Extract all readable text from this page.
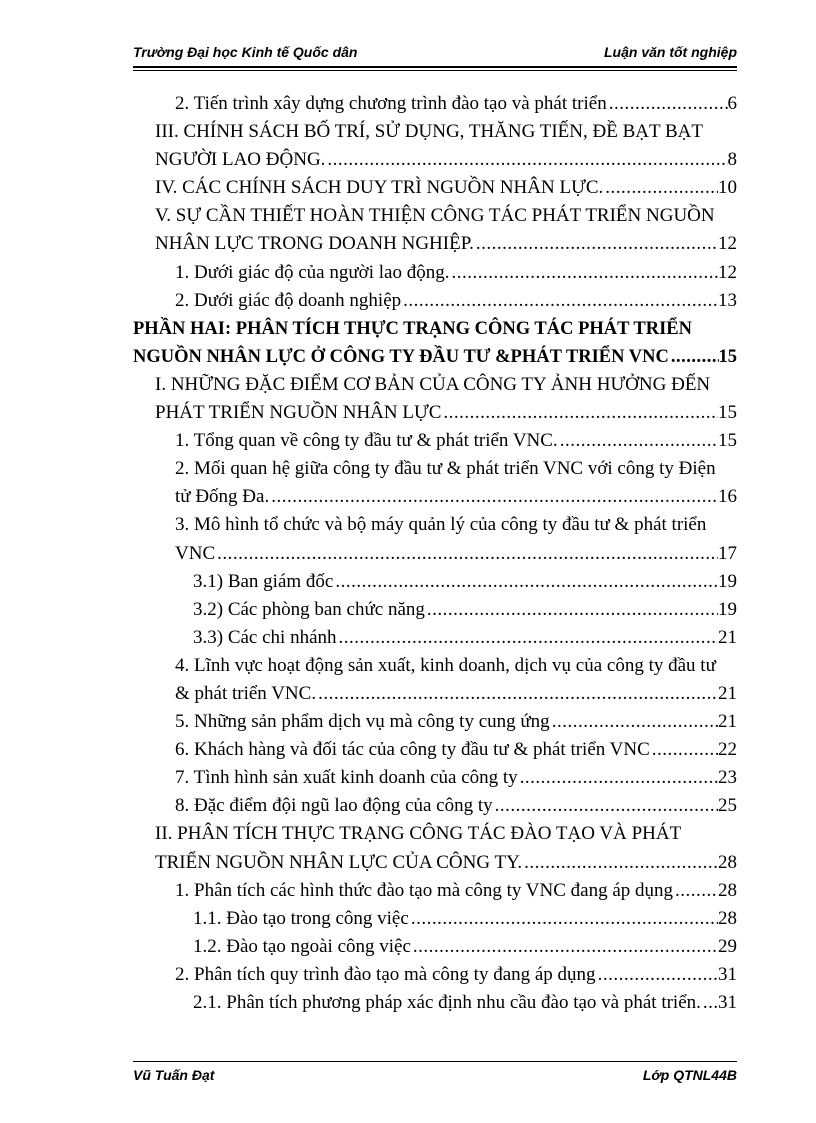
Trường Đại học Kinh tế Quốc dân	Luận văn tốt nghiệp
2. Tiến trình xây dựng chương trình đào tạo và phát triển .....	6
III. CHÍNH SÁCH BỐ TRÍ, SỬ DỤNG, THĂNG TIẾN, ĐỀ BẠT BẠT
NGƯỜI LAO ĐỘNG. .....	8
IV. CÁC CHÍNH SÁCH DUY TRÌ NGUỒN NHÂN LỰC. .....	10
V. SỰ CẦN THIẾT HOÀN THIỆN CÔNG TÁC PHÁT TRIỂN NGUỒN
NHÂN LỰC TRONG DOANH NGHIỆP. .....	12
1. Dưới giác độ của người lao động. .....	12
2. Dưới giác độ doanh nghiệp .....	13
PHẦN HAI: PHÂN TÍCH THỰC TRẠNG CÔNG TÁC PHÁT TRIỂN
NGUỒN NHÂN LỰC Ở CÔNG TY ĐẦU TƯ &PHÁT TRIỂN VNC .....	15
I. NHỮNG ĐẶC ĐIỂM CƠ BẢN CỦA CÔNG TY ẢNH HƯỞNG ĐẾN
PHÁT TRIỂN NGUỒN NHÂN LỰC .....	15
1. Tổng quan về công ty đầu tư & phát triển VNC. .....	15
2. Mối quan hệ giữa công ty đầu tư & phát triển VNC với công ty Điện
tử Đống Đa. .....	16
3. Mô hình tổ chức và bộ máy quản lý của công ty đầu tư & phát triển
VNC .....	17
3.1) Ban giám đốc .....	19
3.2) Các phòng ban chức năng .....	19
3.3) Các chi nhánh .....	21
4. Lĩnh vực hoạt động sản xuất, kinh doanh, dịch vụ của công ty đầu tư
& phát triển VNC. .....	21
5. Những sản phẩm dịch vụ mà công ty cung ứng .....	21
6. Khách hàng và đối tác của công ty đầu tư & phát triển VNC .....	22
7. Tình hình sản xuất kinh doanh của công ty .....	23
8. Đặc điểm đội ngũ lao động của công ty .....	25
II. PHÂN TÍCH THỰC TRẠNG CÔNG TÁC ĐÀO TẠO VÀ PHÁT
TRIỂN NGUỒN NHÂN LỰC CỦA CÔNG TY. .....	28
1. Phân tích các hình thức đào tạo mà công ty VNC đang áp dụng ..... 28
1.1. Đào tạo trong công việc .....	28
1.2. Đào tạo ngoài công việc .....	29
2. Phân tích quy trình đào tạo mà công ty đang áp dụng .....	31
2.1. Phân tích phương pháp xác định nhu cầu đào tạo và phát triển. ..... 31
Vũ Tuấn Đạt	Lớp QTNL44B
